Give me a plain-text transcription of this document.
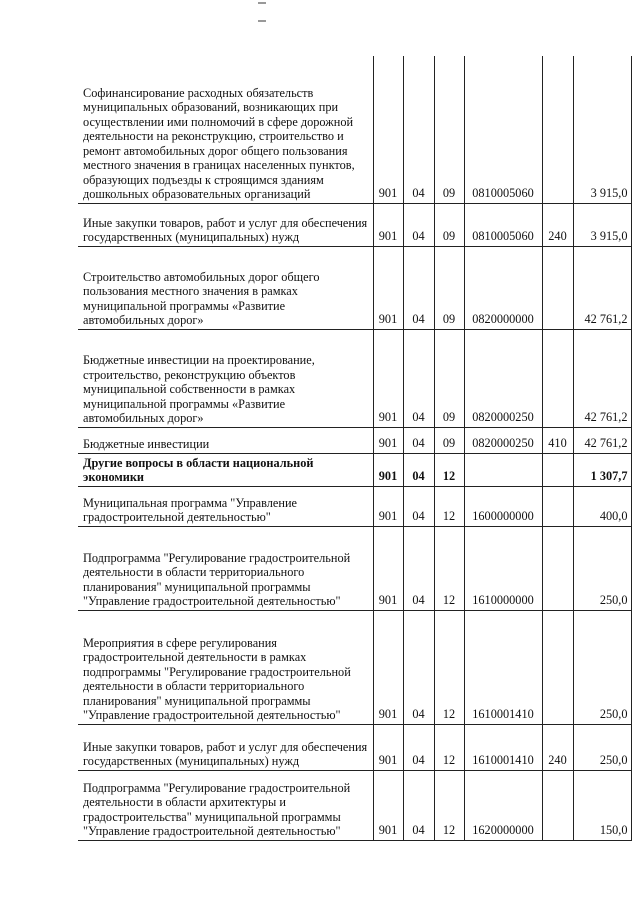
Софинансирование расходных обязательств муниципальных образований, возникающих при осуществлении ими полномочий в сфере дорожной деятельности на реконструкцию, строительство и ремонт автомобильных дорог общего пользования местного значения в границах населенных пунктов, образующих подъезды к строящимся зданиям дошкольных образовательных организаций	901	04	09	0810005060		3 915,0
Иные закупки товаров, работ и услуг для обеспечения государственных (муниципальных) нужд	901	04	09	0810005060	240	3 915,0
Строительство автомобильных дорог общего пользования местного значения в рамках муниципальной программы «Развитие автомобильных дорог»	901	04	09	0820000000		42 761,2
Бюджетные инвестиции на проектирование, строительство, реконструкцию объектов муниципальной собственности в рамках муниципальной программы «Развитие автомобильных дорог»	901	04	09	0820000250		42 761,2
Бюджетные инвестиции	901	04	09	0820000250	410	42 761,2
Другие вопросы в области национальной экономики	901	04	12			1 307,7
Муниципальная программа "Управление градостроительной деятельностью"	901	04	12	1600000000		400,0
Подпрограмма "Регулирование градостроительной деятельности в области территориального планирования" муниципальной программы "Управление градостроительной деятельностью"	901	04	12	1610000000		250,0
Мероприятия в сфере регулирования градостроительной деятельности в рамках подпрограммы "Регулирование градостроительной деятельности в области территориального планирования" муниципальной программы "Управление градостроительной деятельностью"	901	04	12	1610001410		250,0
Иные закупки товаров, работ и услуг для обеспечения государственных (муниципальных) нужд	901	04	12	1610001410	240	250,0
Подпрограмма "Регулирование градостроительной деятельности в области архитектуры и градостроительства" муниципальной программы "Управление градостроительной деятельностью"	901	04	12	1620000000		150,0
